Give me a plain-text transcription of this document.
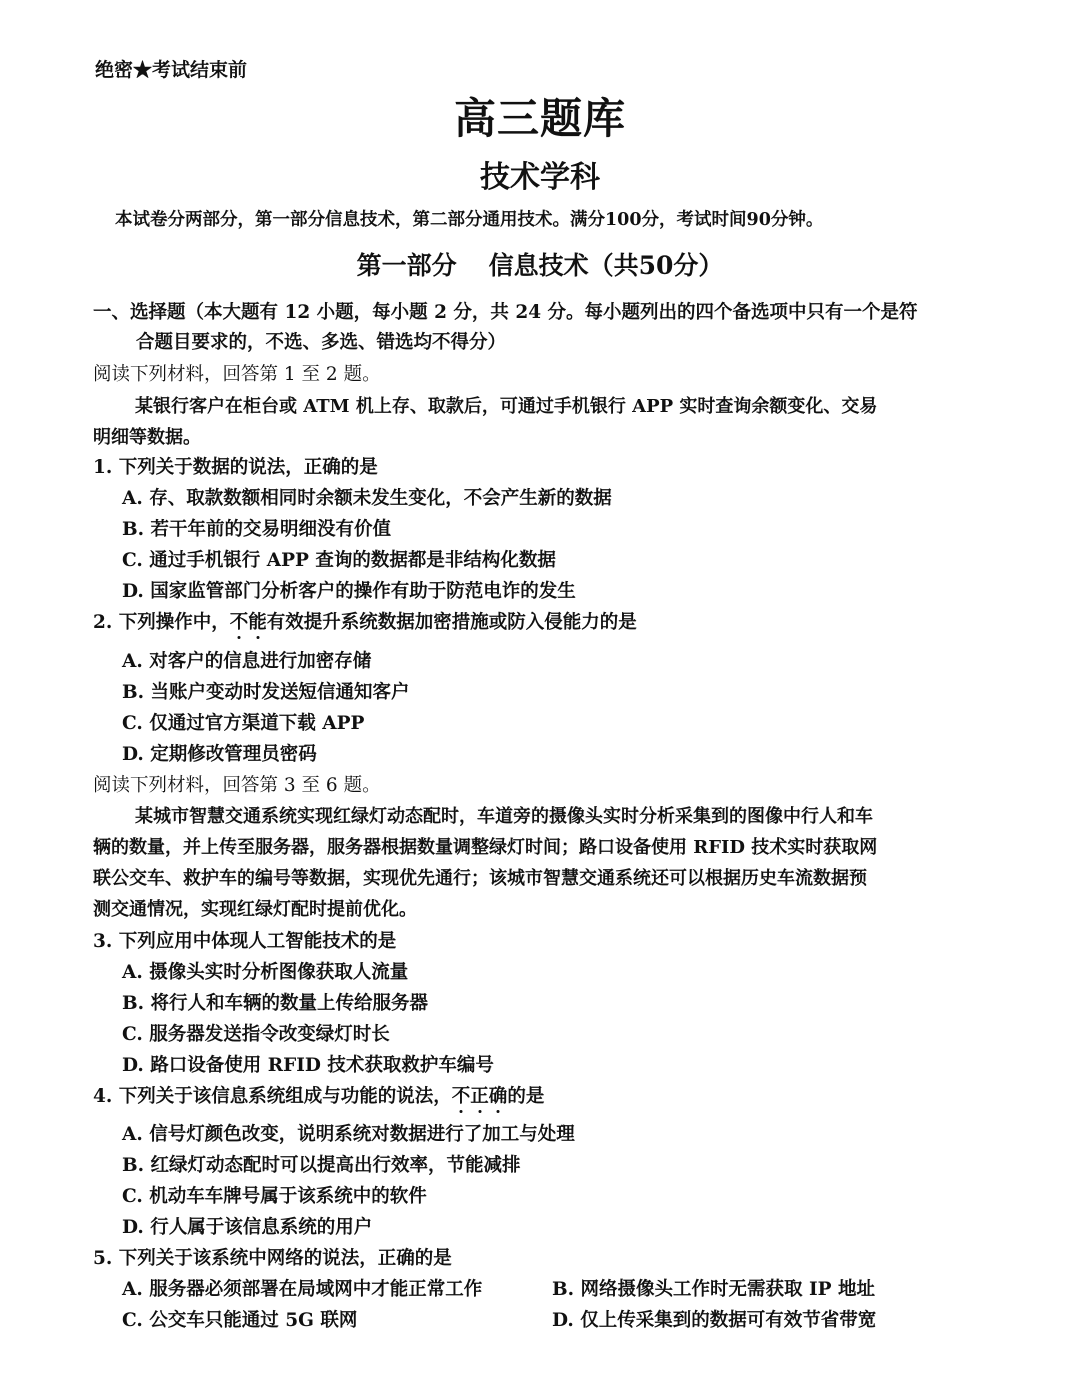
绝密★考试结束前
高三题库
技术学科
本试卷分两部分，第一部分信息技术，第二部分通用技术。满分100分，考试时间90分钟。
第一部分 信息技术（共50分）
一、选择题（本大题有 12 小题，每小题 2 分，共 24 分。每小题列出的四个备选项中只有一个是符
合题目要求的，不选、多选、错选均不得分）
阅读下列材料，回答第 1 至 2 题。
某银行客户在柜台或 ATM 机上存、取款后，可通过手机银行 APP 实时查询余额变化、交易
明细等数据。
1. 下列关于数据的说法，正确的是
A. 存、取款数额相同时余额未发生变化，不会产生新的数据
B. 若干年前的交易明细没有价值
C. 通过手机银行 APP 查询的数据都是非结构化数据
D. 国家监管部门分析客户的操作有助于防范电诈的发生
2. 下列操作中，不能有效提升系统数据加密措施或防入侵能力的是
A. 对客户的信息进行加密存储
B. 当账户变动时发送短信通知客户
C. 仅通过官方渠道下载 APP
D. 定期修改管理员密码
阅读下列材料，回答第 3 至 6 题。
某城市智慧交通系统实现红绿灯动态配时，车道旁的摄像头实时分析采集到的图像中行人和车
辆的数量，并上传至服务器，服务器根据数量调整绿灯时间；路口设备使用 RFID 技术实时获取网
联公交车、救护车的编号等数据，实现优先通行；该城市智慧交通系统还可以根据历史车流数据预
测交通情况，实现红绿灯配时提前优化。
3. 下列应用中体现人工智能技术的是
A. 摄像头实时分析图像获取人流量
B. 将行人和车辆的数量上传给服务器
C. 服务器发送指令改变绿灯时长
D. 路口设备使用 RFID 技术获取救护车编号
4. 下列关于该信息系统组成与功能的说法，不正确的是
A. 信号灯颜色改变，说明系统对数据进行了加工与处理
B. 红绿灯动态配时可以提高出行效率，节能减排
C. 机动车车牌号属于该系统中的软件
D. 行人属于该信息系统的用户
5. 下列关于该系统中网络的说法，正确的是
A. 服务器必须部署在局域网中才能正常工作	B. 网络摄像头工作时无需获取 IP 地址
C. 公交车只能通过 5G 联网	D. 仅上传采集到的数据可有效节省带宽
